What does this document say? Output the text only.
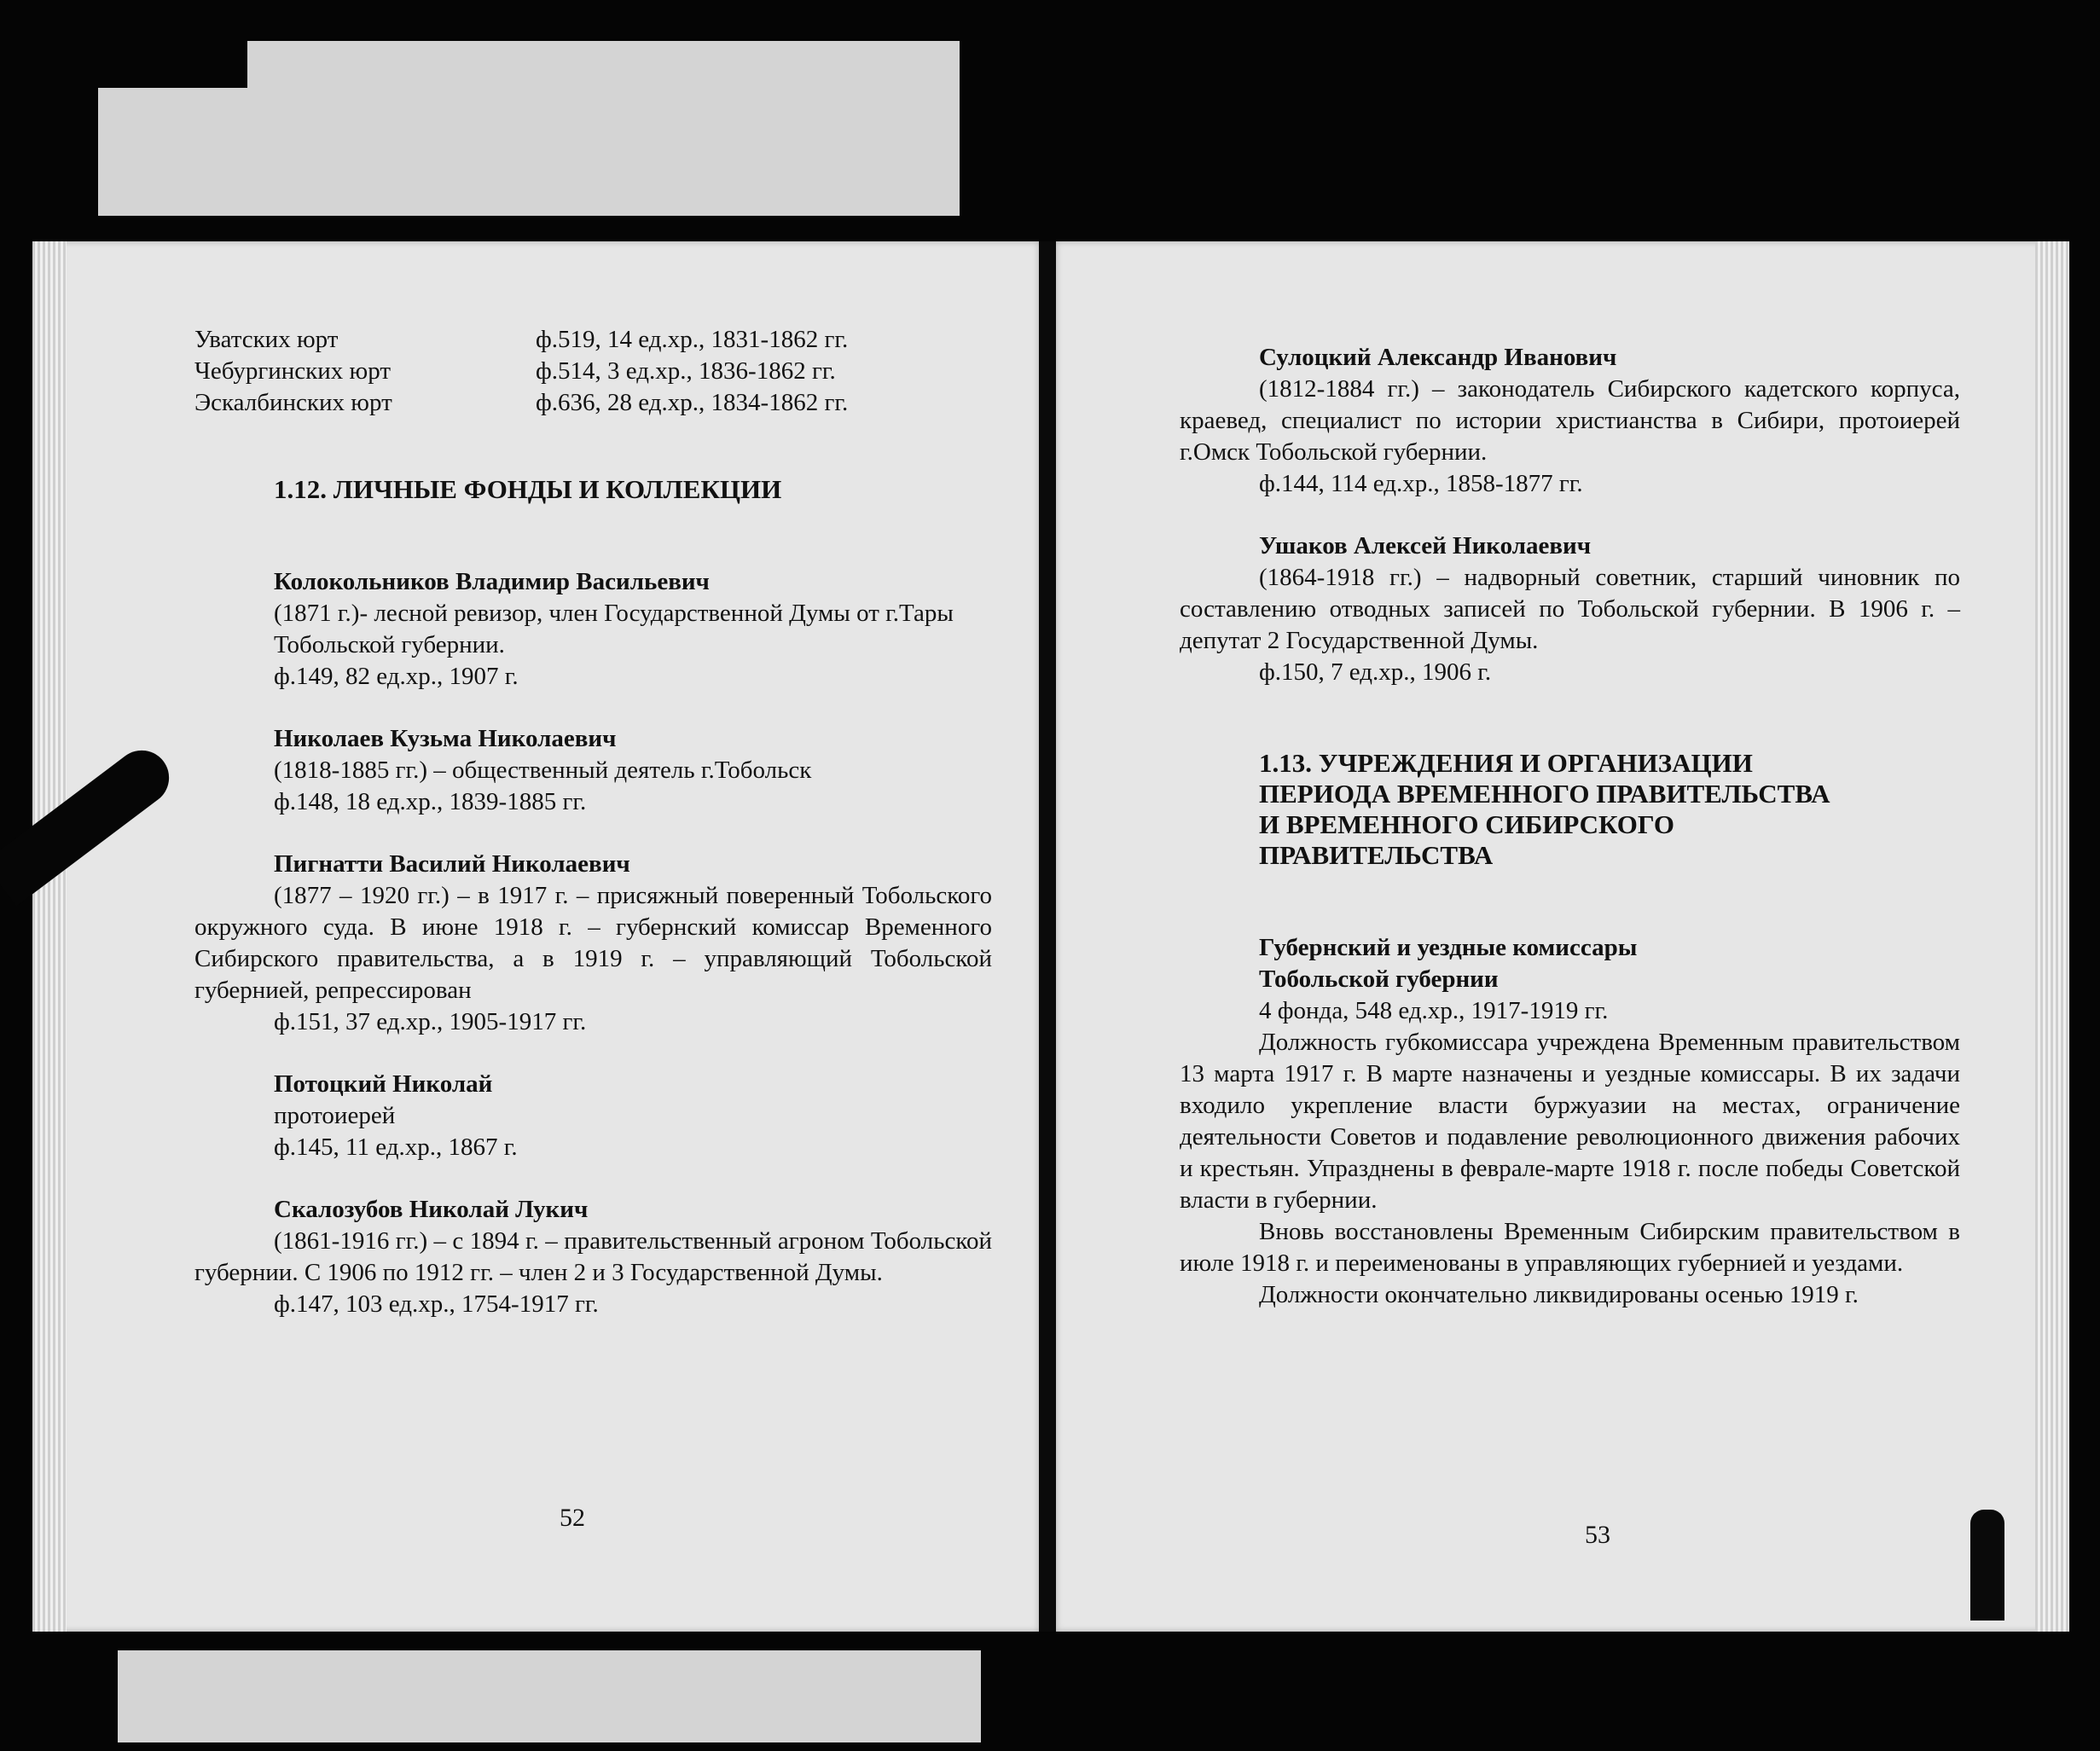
Уватских юрт	ф.519, 14 ед.хр., 1831-1862 гг.
Чебургинских юрт	ф.514, 3 ед.хр., 1836-1862 гг.
Эскалбинских юрт	ф.636, 28 ед.хр., 1834-1862 гг.
1.12. ЛИЧНЫЕ ФОНДЫ И КОЛЛЕКЦИИ
Колокольников Владимир Васильевич
(1871 г.)- лесной ревизор, член Государственной Думы от г.Тары Тобольской губернии.
ф.149, 82 ед.хр., 1907 г.
Николаев Кузьма Николаевич
(1818-1885 гг.) – общественный деятель г.Тобольск
ф.148, 18 ед.хр., 1839-1885 гг.
Пигнатти Василий Николаевич
(1877 – 1920 гг.) – в 1917 г. – присяжный поверенный Тобольского окружного суда. В июне 1918 г. – губернский комиссар Временного Сибирского правительства, а в 1919 г. – управляющий Тобольской губернией, репрессирован
ф.151, 37 ед.хр., 1905-1917 гг.
Потоцкий Николай
протоиерей
ф.145, 11 ед.хр., 1867 г.
Скалозубов Николай Лукич
(1861-1916 гг.) – с 1894 г. – правительственный агроном Тобольской губернии. С 1906 по 1912 гг. – член 2 и 3 Государственной Думы.
ф.147, 103 ед.хр., 1754-1917 гг.
52
Сулоцкий Александр Иванович
(1812-1884 гг.) – законодатель Сибирского кадетского корпуса, краевед, специалист по истории христианства в Сибири, протоиерей г.Омск Тобольской губернии.
ф.144, 114 ед.хр., 1858-1877 гг.
Ушаков Алексей Николаевич
(1864-1918 гг.) – надворный советник, старший чиновник по составлению отводных записей по Тобольской губернии. В 1906 г. – депутат 2 Государственной Думы.
ф.150, 7 ед.хр., 1906 г.
1.13. УЧРЕЖДЕНИЯ И ОРГАНИЗАЦИИ
ПЕРИОДА ВРЕМЕННОГО ПРАВИТЕЛЬСТВА
И ВРЕМЕННОГО СИБИРСКОГО
ПРАВИТЕЛЬСТВА
Губернский и уездные комиссары
Тобольской губернии
4 фонда, 548 ед.хр., 1917-1919 гг.
Должность губкомиссара учреждена Временным правительством 13 марта 1917 г. В марте назначены и уездные комиссары. В их задачи входило укрепление власти буржуазии на местах, ограничение деятельности Советов и подавление революционного движения рабочих и крестьян. Упразднены в феврале-марте 1918 г. после победы Советской власти в губернии.
Вновь восстановлены Временным Сибирским правительством в июле 1918 г. и переименованы в управляющих губернией и уездами.
Должности окончательно ликвидированы осенью 1919 г.
53
